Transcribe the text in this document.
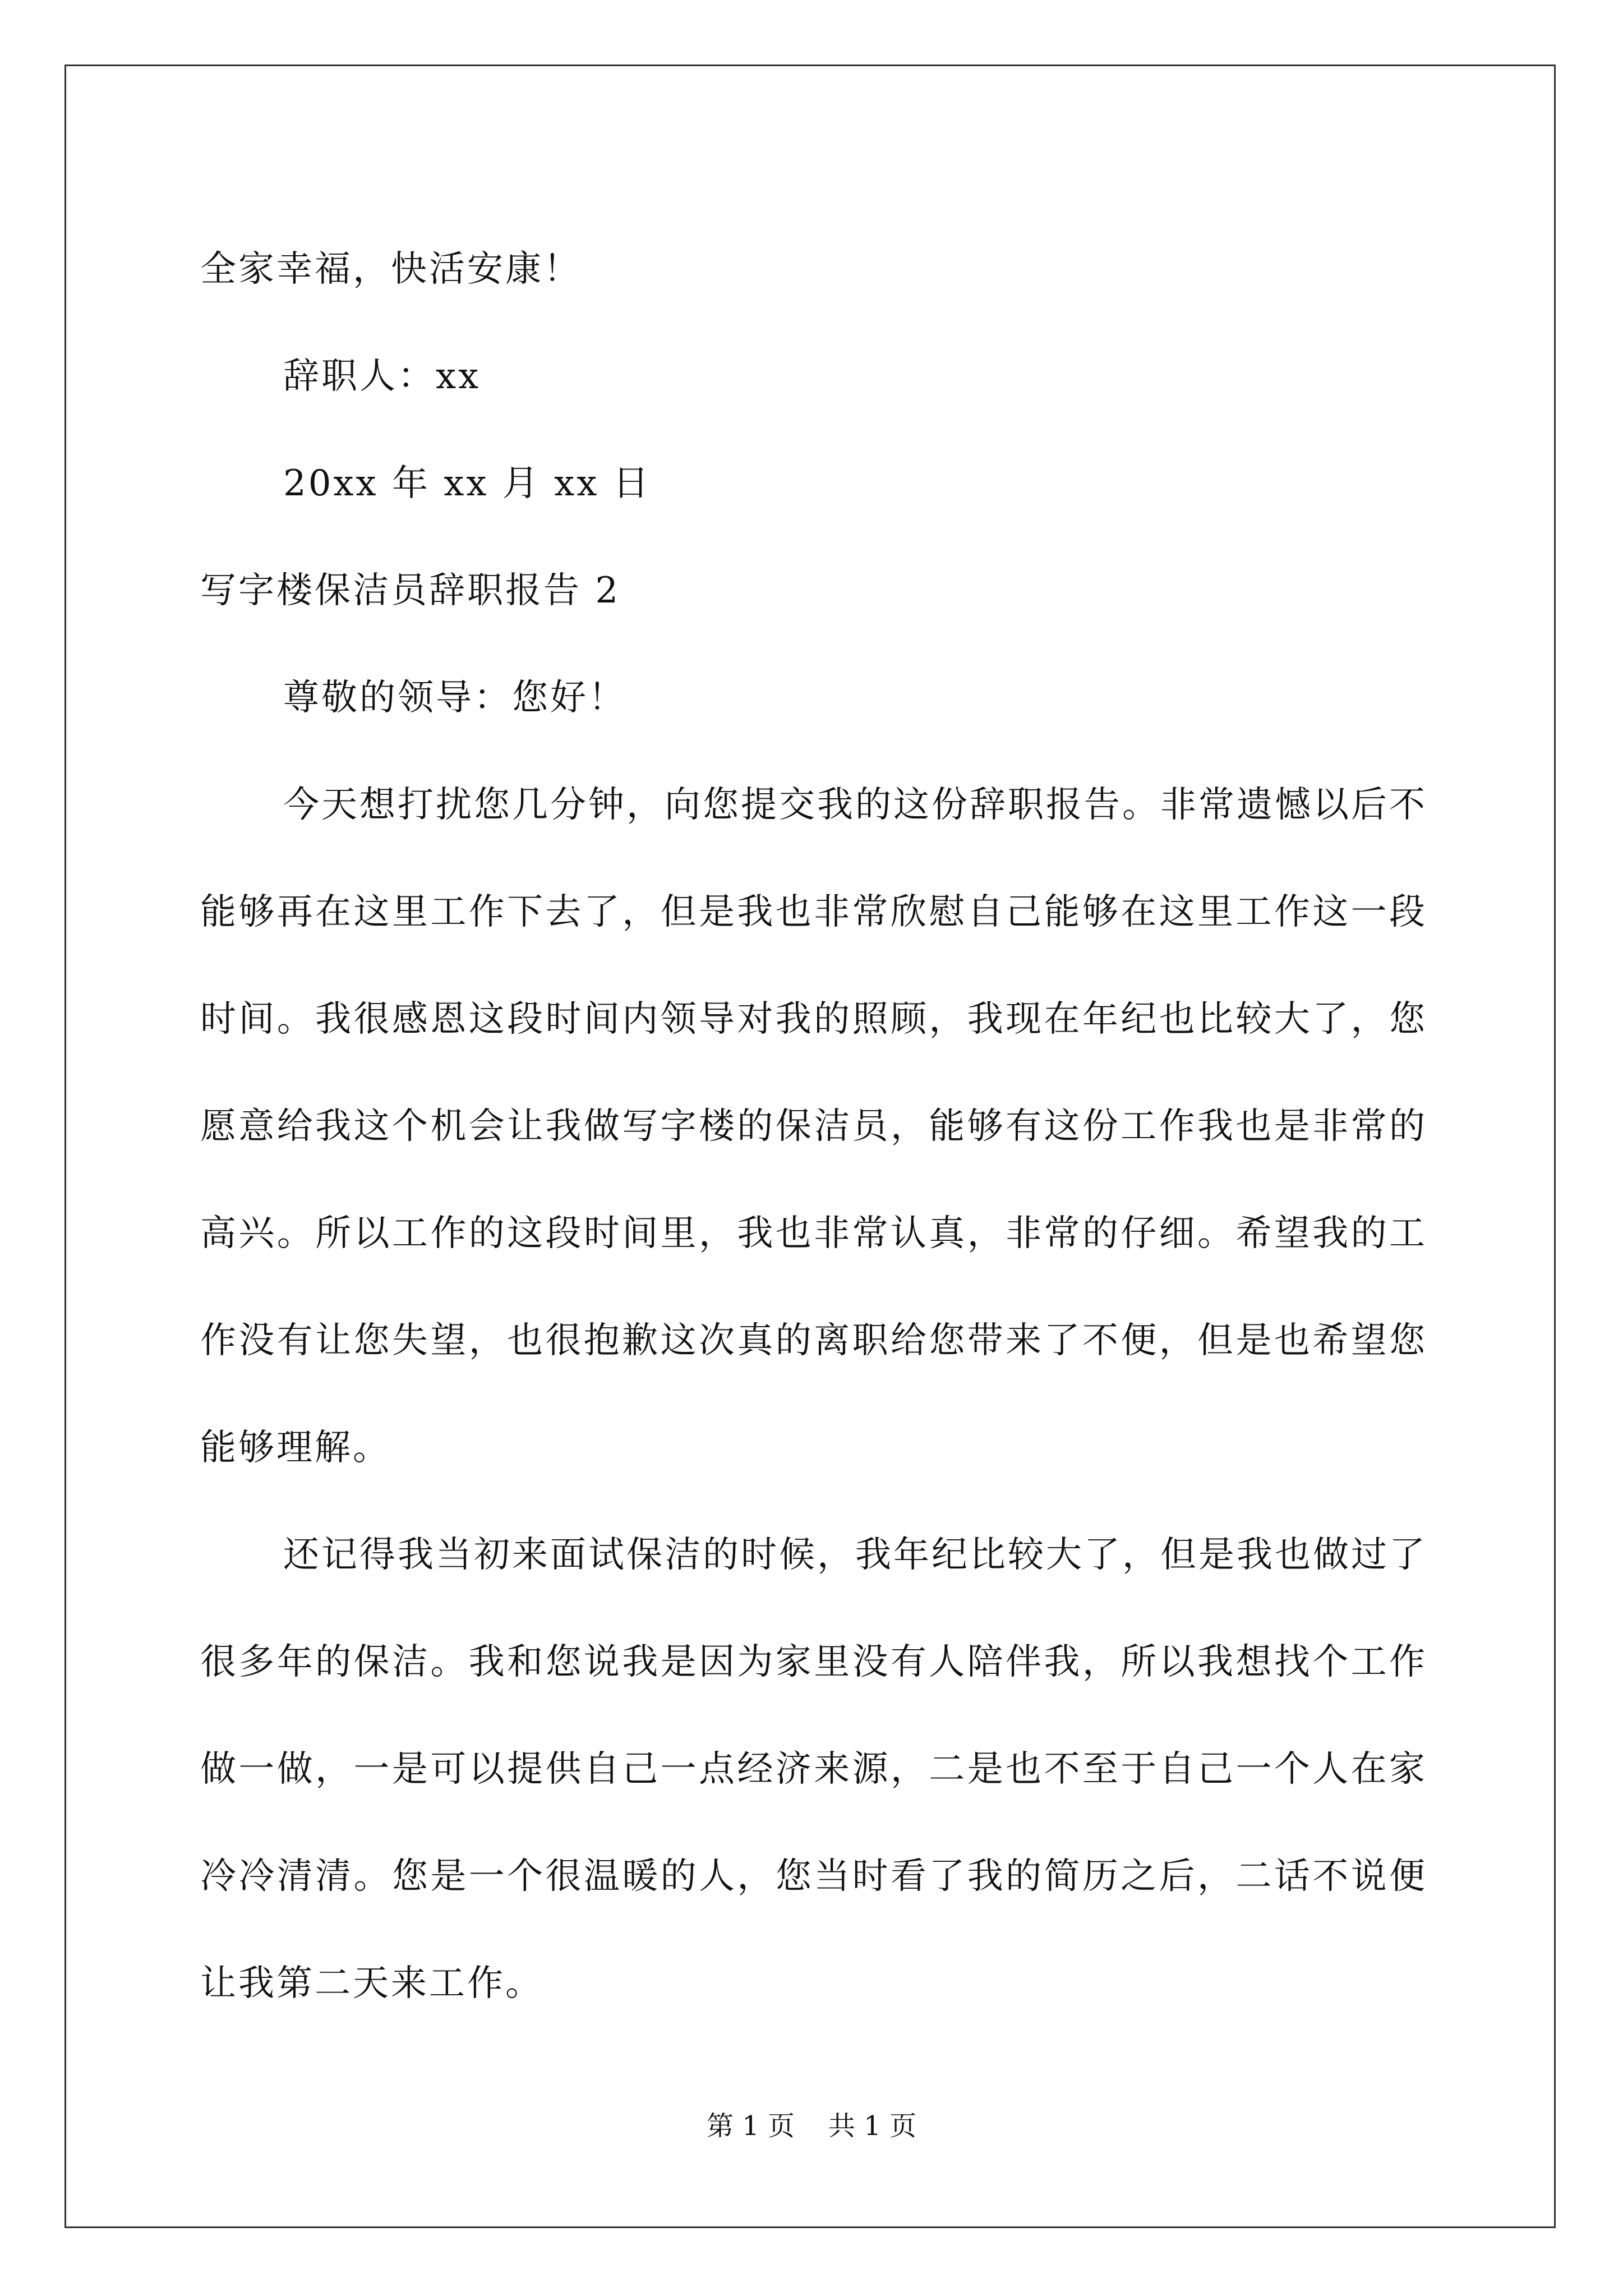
全家幸福，快活安康！
辞职人：xx
20xx 年 xx 月 xx 日
写字楼保洁员辞职报告 2
尊敬的领导：您好！

今天想打扰您几分钟，向您提交我的这份辞职报告。非常遗憾以后不能够再在这里工作下去了，但是我也非常欣慰自己能够在这里工作这一段时间。我很感恩这段时间内领导对我的照顾，我现在年纪也比较大了，您愿意给我这个机会让我做写字楼的保洁员，能够有这份工作我也是非常的高兴。所以工作的这段时间里，我也非常认真，非常的仔细。希望我的工作没有让您失望，也很抱歉这次真的离职给您带来了不便，但是也希望您能够理解。

还记得我当初来面试保洁的时候，我年纪比较大了，但是我也做过了很多年的保洁。我和您说我是因为家里没有人陪伴我，所以我想找个工作做一做，一是可以提供自己一点经济来源，二是也不至于自己一个人在家冷冷清清。您是一个很温暖的人，您当时看了我的简历之后，二话不说便让我第二天来工作。

第 1 页 共 1 页
